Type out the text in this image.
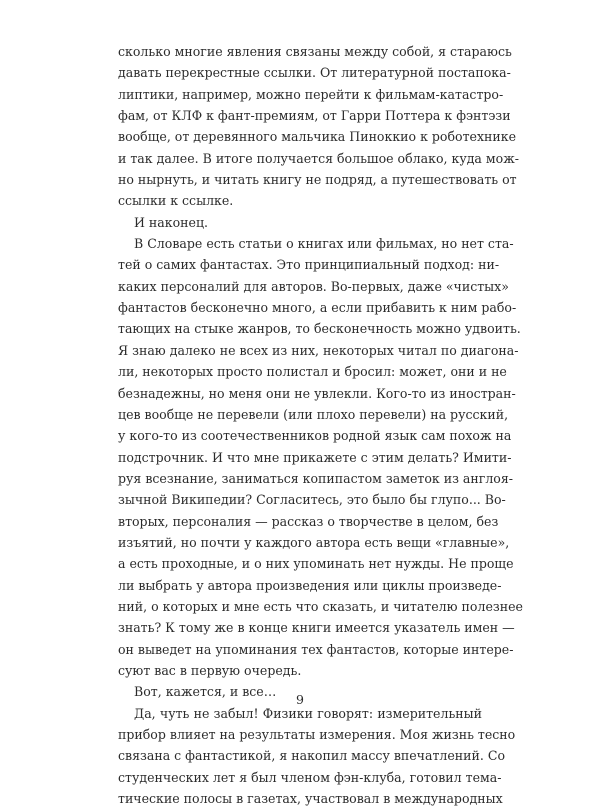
сколько многие явления связаны между собой, я стараюсь
давать перекрестные ссылки. От литературной постапока-
липтики, например, можно перейти к фильмам-катастро-
фам, от КЛФ к фант-премиям, от Гарри Поттера к фэнтэзи
вообще, от деревянного мальчика Пиноккио к роботехнике
и так далее. В итоге получается большое облако, куда мож-
но нырнуть, и читать книгу не подряд, а путешествовать от
ссылки к ссылке.
И наконец.
В Словаре есть статьи о книгах или фильмах, но нет ста-
тей о самих фантастах. Это принципиальный подход: ни-
каких персоналий для авторов. Во-первых, даже «чистых»
фантастов бесконечно много, а если прибавить к ним рабо-
тающих на стыке жанров, то бесконечность можно удвоить.
Я знаю далеко не всех из них, некоторых читал по диагона-
ли, некоторых просто полистал и бросил: может, они и не
безнадежны, но меня они не увлекли. Кого-то из иностран-
цев вообще не перевели (или плохо перевели) на русский,
у кого-то из соотечественников родной язык сам похож на
подстрочник. И что мне прикажете с этим делать? Имити-
руя всезнание, заниматься копипастом заметок из англоя-
зычной Википедии? Согласитесь, это было бы глупо... Во-
вторых, персоналия — рассказ о творчестве в целом, без
изъятий, но почти у каждого автора есть вещи «главные»,
а есть проходные, и о них упоминать нет нужды. Не проще
ли выбрать у автора произведения или циклы произведе-
ний, о которых и мне есть что сказать, и читателю полезнее
знать? К тому же в конце книги имеется указатель имен —
он выведет на упоминания тех фантастов, которые интере-
суют вас в первую очередь.
Вот, кажется, и все…
Да, чуть не забыл! Физики говорят: измерительный
прибор влияет на результаты измерения. Моя жизнь тесно
связана с фантастикой, я накопил массу впечатлений. Со
студенческих лет я был членом фэн-клуба, готовил тема-
тические полосы в газетах, участвовал в международных
9
